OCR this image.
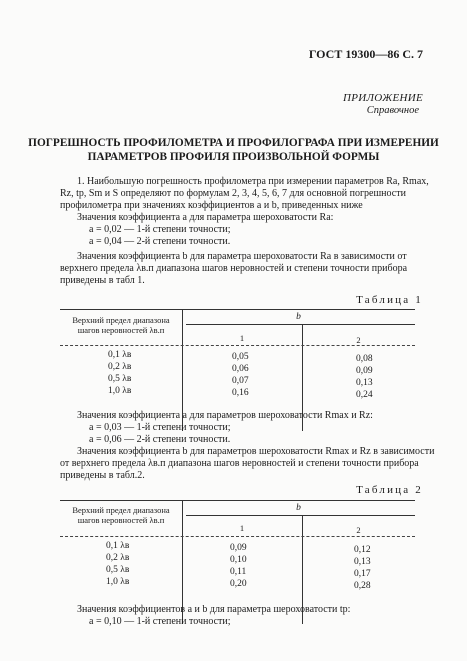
ГОСТ 19300—86 С. 7
ПРИЛОЖЕНИЕ
Справочное
ПОГРЕШНОСТЬ ПРОФИЛОМЕТРА И ПРОФИЛОГРАФА ПРИ ИЗМЕРЕНИИ
ПАРАМЕТРОВ ПРОФИЛЯ ПРОИЗВОЛЬНОЙ ФОРМЫ
1. Наибольшую погрешность профилометра при измерении параметров Ra, Rmax,
Rz, tp, Sm и S определяют по формулам 2, 3, 4, 5, 6, 7 для основной погрешности
профилометра при значениях коэффициентов a и b, приведенных ниже
Значения коэффициента a для параметра шероховатости Ra:
a = 0,02 — 1-й степени точности;
a = 0,04 — 2-й степени точности.
Значения коэффициента b для параметра шероховатости Ra в зависимости от
верхнего предела λв.п диапазона шагов неровностей и степени точности прибора
приведены в табл 1.
Таблица 1
Верхний предел диапазона
шагов неровностей λв.п
b
1	2
0,1 λв	0,05	0,08
0,2 λв	0,06	0,09
0,5 λв	0,07	0,13
1,0 λв	0,16	0,24
Значения коэффициента a для параметров шероховатости Rmax и Rz:
a = 0,03 — 1-й степени точности;
a = 0,06 — 2-й степени точности.
Значения коэффициента b для параметров шероховатости Rmax и Rz в зависимости
от верхнего предела λв.п диапазона шагов неровностей и степени точности прибора
приведены в табл.2.
Таблица 2
Верхний предел диапазона
шагов неровностей λв.п
b
1	2
0,1 λв	0,09	0,12
0,2 λв	0,10	0,13
0,5 λв	0,11	0,17
1,0 λв	0,20	0,28
Значения коэффициентов a и b для параметра шероховатости tp:
a = 0,10 — 1-й степени точности;
